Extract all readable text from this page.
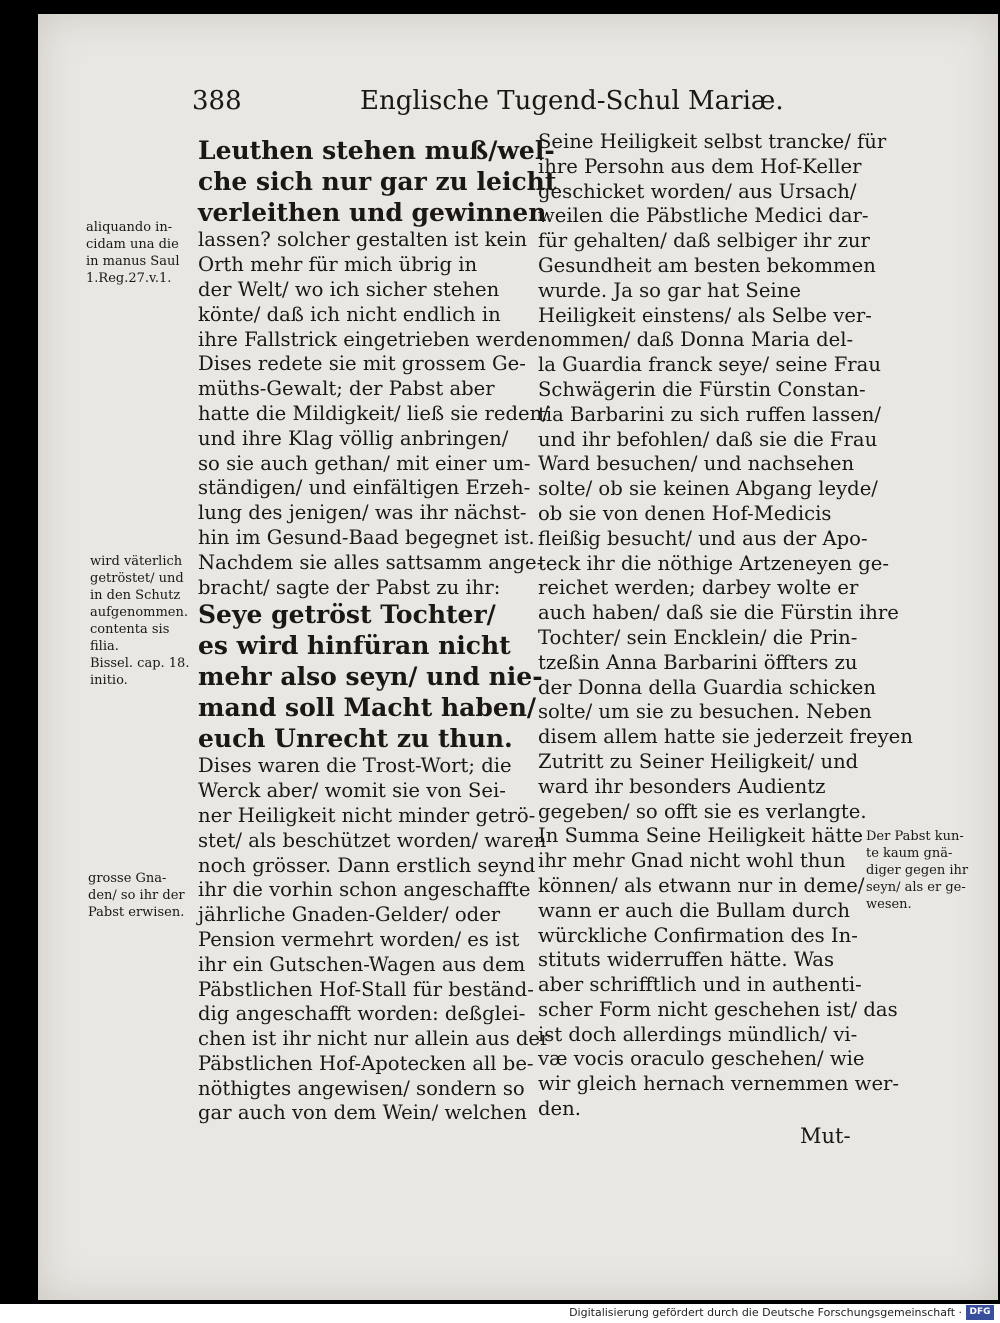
388	Englische Tugend-Schul Mariæ.
Leuthen stehen muß/wel-
che sich nur gar zu leicht
verleithen und gewinnen
lassen? solcher gestalten ist kein
Orth mehr für mich übrig in
der Welt/ wo ich sicher stehen
könte/ daß ich nicht endlich in
ihre Fallstrick eingetrieben werde.
Dises redete sie mit grossem Ge-
müths-Gewalt; der Pabst aber
hatte die Mildigkeit/ ließ sie reden/
und ihre Klag völlig anbringen/
so sie auch gethan/ mit einer um-
ständigen/ und einfältigen Erzeh-
lung des jenigen/ was ihr nächst-
hin im Gesund-Baad begegnet ist.
Nachdem sie alles sattsamm ange-
bracht/ sagte der Pabst zu ihr:
Seye getröst Tochter/
es wird hinfüran nicht
mehr also seyn/ und nie-
mand soll Macht haben/
euch Unrecht zu thun.
Dises waren die Trost-Wort; die
Werck aber/ womit sie von Sei-
ner Heiligkeit nicht minder getrö-
stet/ als beschützet worden/ waren
noch grösser. Dann erstlich seynd
ihr die vorhin schon angeschaffte
jährliche Gnaden-Gelder/ oder
Pension vermehrt worden/ es ist
ihr ein Gutschen-Wagen aus dem
Päbstlichen Hof-Stall für beständ-
dig angeschafft worden: deßglei-
chen ist ihr nicht nur allein aus der
Päbstlichen Hof-Apotecken all be-
nöthigtes angewisen/ sondern so
gar auch von dem Wein/ welchen
Seine Heiligkeit selbst trancke/ für
ihre Persohn aus dem Hof-Keller
geschicket worden/ aus Ursach/
weilen die Päbstliche Medici dar-
für gehalten/ daß selbiger ihr zur
Gesundheit am besten bekommen
wurde. Ja so gar hat Seine
Heiligkeit einstens/ als Selbe ver-
nommen/ daß Donna Maria del-
la Guardia franck seye/ seine Frau
Schwägerin die Fürstin Constan-
tia Barbarini zu sich ruffen lassen/
und ihr befohlen/ daß sie die Frau
Ward besuchen/ und nachsehen
solte/ ob sie keinen Abgang leyde/
ob sie von denen Hof-Medicis
fleißig besucht/ und aus der Apo-
teck ihr die nöthige Artzeneyen ge-
reichet werden; darbey wolte er
auch haben/ daß sie die Fürstin ihre
Tochter/ sein Encklein/ die Prin-
tzeßin Anna Barbarini öffters zu
der Donna della Guardia schicken
solte/ um sie zu besuchen. Neben
disem allem hatte sie jederzeit freyen
Zutritt zu Seiner Heiligkeit/ und
ward ihr besonders Audientz
gegeben/ so offt sie es verlangte.
In Summa Seine Heiligkeit hätte
ihr mehr Gnad nicht wohl thun
können/ als etwann nur in deme/
wann er auch die Bullam durch
würckliche Confirmation des In-
stituts widerruffen hätte. Was
aber schrifftlich und in authenti-
scher Form nicht geschehen ist/ das
ist doch allerdings mündlich/ vi-
væ vocis oraculo geschehen/ wie
wir gleich hernach vernemmen wer-
den.
aliquando in-
cidam una die
in manus Saul
1.Reg.27.v.1.
wird väterlich
getröstet/ und
in den Schutz
aufgenommen.
contenta sis
filia.
Bissel. cap. 18.
initio.
grosse Gna-
den/ so ihr der
Pabst erwisen.
Der Pabst kun-
te kaum gnä-
diger gegen ihr
seyn/ als er ge-
wesen.
Mut-
Digitalisierung gefördert durch die Deutsche Forschungsgemeinschaft · DFG
